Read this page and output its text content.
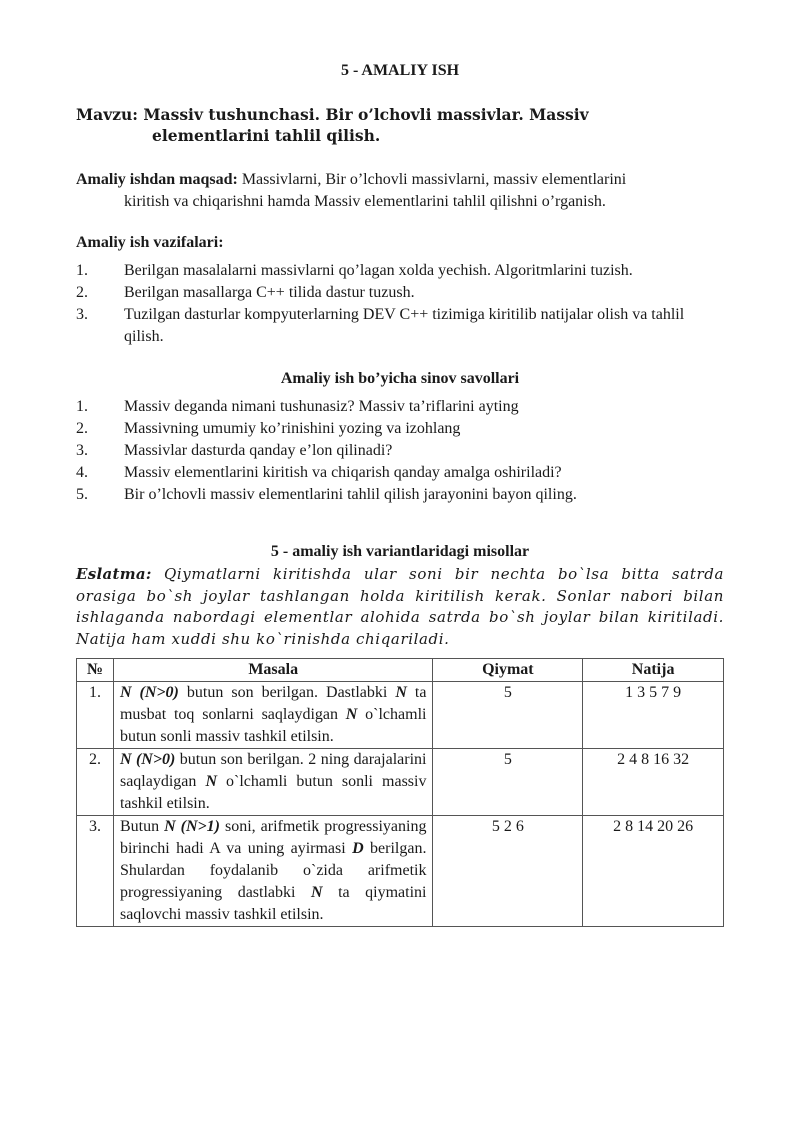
5 - AMALIY ISH
Mavzu: Massiv tushunchasi. Bir o’lchovli massivlar. Massiv
elementlarini tahlil qilish.
Amaliy ishdan maqsad: Massivlarni, Bir o’lchovli massivlarni, massiv elementlarini
kiritish va chiqarishni hamda Massiv elementlarini tahlil qilishni o’rganish.
Amaliy ish vazifalari:
1. Berilgan masalalarni massivlarni qo’lagan xolda yechish. Algoritmlarini tuzish.
2. Berilgan masallarga C++ tilida dastur tuzush.
3. Tuzilgan dasturlar kompyuterlarning DEV C++ tizimiga kiritilib natijalar olish va tahlil qilish.
Amaliy ish bo’yicha sinov savollari
1. Massiv deganda nimani tushunasiz? Massiv ta’riflarini ayting
2. Massivning umumiy ko’rinishini yozing va izohlang
3. Massivlar dasturda qanday e’lon qilinadi?
4. Massiv elementlarini kiritish va chiqarish qanday amalga oshiriladi?
5. Bir o’lchovli massiv elementlarini tahlil qilish jarayonini bayon qiling.
5 - amaliy ish variantlaridagi misollar
Eslatma: Qiymatlarni kiritishda ular soni bir nechta bo`lsa bitta satrda orasiga bo`sh joylar tashlangan holda kiritilish kerak. Sonlar nabori bilan ishlaganda nabordagi elementlar alohida satrda bo`sh joylar bilan kiritiladi. Natija ham xuddi shu ko`rinishda chiqariladi.
№	Masala	Qiymat	Natija
1.	N (N>0) butun son berilgan. Dastlabki N ta musbat toq sonlarni saqlaydigan N o`lchamli butun sonli massiv tashkil etilsin.	5	1 3 5 7 9
2.	N (N>0) butun son berilgan. 2 ning darajalarini saqlaydigan N o`lchamli butun sonli massiv tashkil etilsin.	5	2 4 8 16 32
3.	Butun N (N>1) soni, arifmetik progressiyaning birinchi hadi A va uning ayirmasi D berilgan. Shulardan foydalanib o`zida arifmetik progressiyaning dastlabki N ta qiymatini saqlovchi massiv tashkil etilsin.	5 2 6	2 8 14 20 26
